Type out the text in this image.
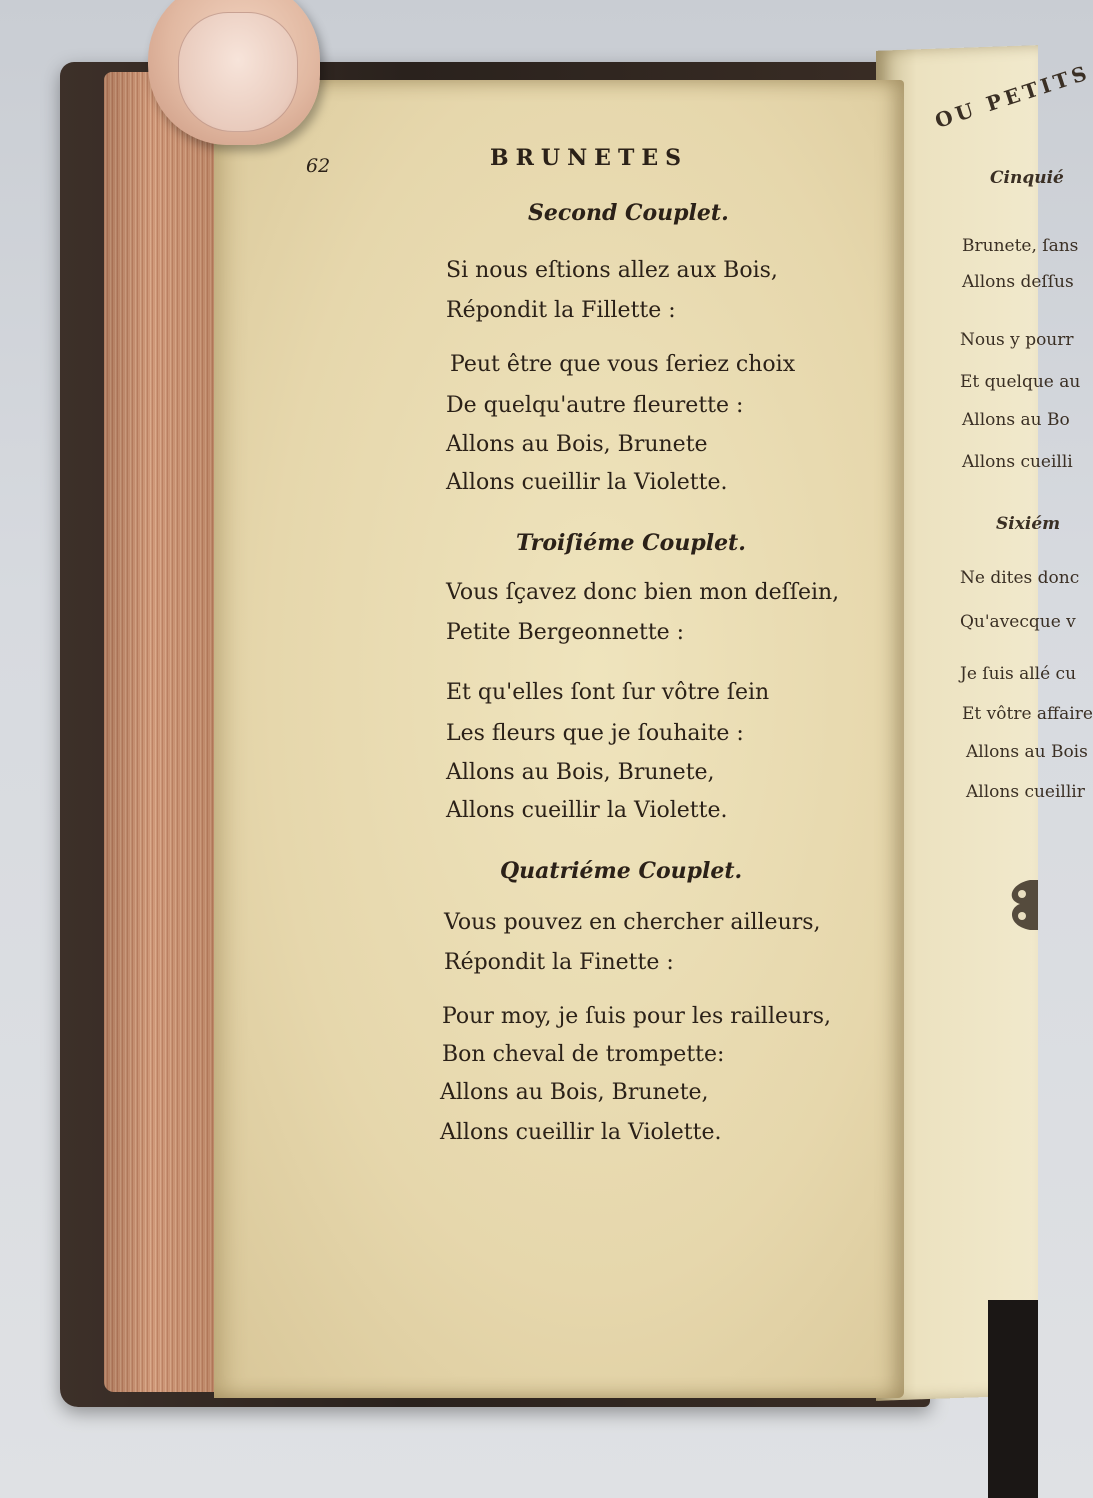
62	BRUNETES
Second Couplet.
Si nous eſtions allez aux Bois,
Répondit la Fillette :
Peut être que vous ſeriez choix
De quelqu'autre fleurette :
Allons au Bois, Brunete
Allons cueillir la Violette.
Troiſiéme Couplet.
Vous ſçavez donc bien mon deſſein,
Petite Bergeonnette :
Et qu'elles ſont ſur vôtre ſein
Les fleurs que je ſouhaite :
Allons au Bois, Brunete,
Allons cueillir la Violette.
Quatriéme Couplet.
Vous pouvez en chercher ailleurs,
Répondit la Finette :
Pour moy, je ſuis pour les railleurs,
Bon cheval de trompette:
Allons au Bois, Brunete,
Allons cueillir la Violette.
OU PETITS
Cinquié
Brunete, ſans
Allons deſſus
Nous y pourr
Et quelque au
Allons au Bo
Allons cueilli
Sixiém
Ne dites donc
Qu'avecque v
Je ſuis allé cu
Et vôtre affaire
Allons au Bois
Allons cueillir
